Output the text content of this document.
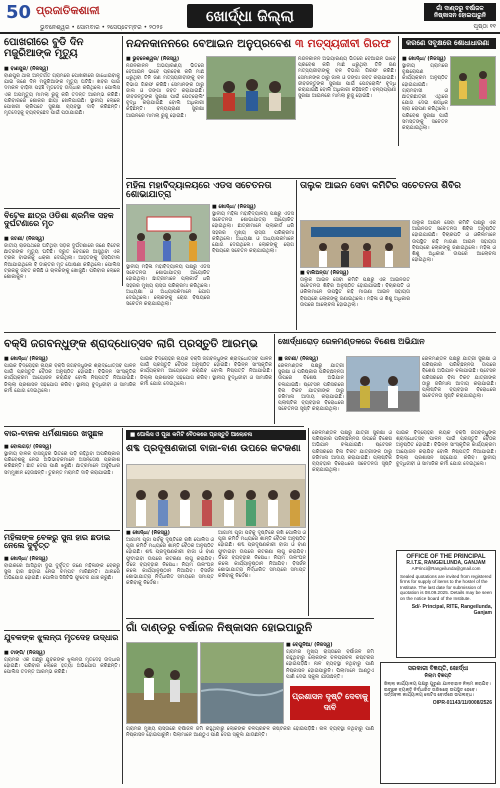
50 ପ୍ରଜାତିକଶାଳୀ
ଭୁବନେଶ୍ୱର • ସୋମବାର • ୨ସେପ୍ଟେମ୍ବର • ୨୦୨୫
ଖୋର୍ଦ୍ଧା ଜିଲ୍ଲା	ଗାଁ ଦାଣ୍ଡରୁ ବର୍ଷାଜଳ ନିଷ୍କାସନ ହୋଇପାରୁନି
ପୃଷ୍ଠା ୧୧
ପୋଖରୀରେ ବୁଡି ଦିନ ମଜୁରିଆଙ୍କ ମୃତ୍ୟୁ
■ ବାଣପୁର/ (ନିଜସ୍ୱ)
ବାଣପୁର ଥାନା ଅନ୍ତର୍ଗତ ଗ୍ରାମରେ ପୋଖରୀରେ ଗାଧୋଇବାକୁ ଯାଇ ଜଣେ ଦିନ ମଜୁରିଆଙ୍କ ମୃତ୍ୟୁ ଘଟିଛି। ଖବର ପାଇ ଦମକଳ ବାହିନୀ ପହଞ୍ଚି ମୃତଦେହ ଉଦ୍ଧାର କରିଥିଲେ। ପୋଲିସ ଏକ ଅପମୃତ୍ୟୁ ମାମଲା ରୁଜୁ କରି ତଦନ୍ତ ଆରମ୍ଭ କରିଛି। ପରିବାରରେ ଶୋକର ଛାୟା ଖେଳିଯାଇଛି। ସ୍ଥାନୀୟ ଲୋକେ ପୋଖରୀ ଚାରିପଟେ ସୁରକ୍ଷା ବ୍ୟବସ୍ଥା ଦାବି କରିଛନ୍ତି। ମୃତଦେହକୁ ବ୍ୟବଚ୍ଛେଦ ପାଇଁ ପଠାଯାଇଛି।
ନନ୍ଦନକାନନରେ ବେଆଇନ ଅନୁପ୍ରବେଶ ୩ ମତ୍ସ୍ୟଜୀବୀ ଗିରଫ
■ ଭୁବନେଶ୍ୱର/ (ନିଜସ୍ୱ)
ନନ୍ଦନକାନନ ଅଭୟାରଣ୍ୟ ଭିତରେ ବେଆଇନ ଭାବେ ପ୍ରବେଶ କରି ମାଛ ଧରୁଥିବା ତିନି ଜଣ ମତ୍ସ୍ୟଜୀବୀଙ୍କୁ ବନ ବିଭାଗ ଗିରଫ କରିଛି। ସେମାନଙ୍କ ଠାରୁ ଜାଲ ଓ ଡଙ୍ଗା ଜବତ କରାଯାଇଛି। ଜୀବଜନ୍ତୁଙ୍କ ସୁରକ୍ଷା ପାଇଁ ପେଟ୍ରୋଲିଂ ବୃଦ୍ଧି କରାଯାଇଛି ବୋଲି ଅଧିକାରୀ କହିଛନ୍ତି। ବନ୍ୟପ୍ରାଣୀ ସୁରକ୍ଷା ଆଇନରେ ମାମଲା ରୁଜୁ ହୋଇଛି।
ନନ୍ଦନକାନନ ଅଭୟାରଣ୍ୟ ଭିତରେ ବେଆଇନ ଭାବେ ପ୍ରବେଶ କରି ମାଛ ଧରୁଥିବା ତିନି ଜଣ ମତ୍ସ୍ୟଜୀବୀଙ୍କୁ ବନ ବିଭାଗ ଗିରଫ କରିଛି। ସେମାନଙ୍କ ଠାରୁ ଜାଲ ଓ ଡଙ୍ଗା ଜବତ କରାଯାଇଛି। ଜୀବଜନ୍ତୁଙ୍କ ସୁରକ୍ଷା ପାଇଁ ପେଟ୍ରୋଲିଂ ବୃଦ୍ଧି କରାଯାଇଛି ବୋଲି ଅଧିକାରୀ କହିଛନ୍ତି। ବନ୍ୟପ୍ରାଣୀ ସୁରକ୍ଷା ଆଇନରେ ମାମଲା ରୁଜୁ ହୋଇଛି।
କରଣେ ସବୃକ୍ଷରେ ଶୋଧାଧାରଣା
■ ଖୋର୍ଦ୍ଧା/ (ନିଜସ୍ୱ)
ସ୍ଥାନୀୟ ଗ୍ରାମରେ ବୃକ୍ଷରୋପଣ କାର୍ଯ୍ୟକ୍ରମ ଅନୁଷ୍ଠିତ ହୋଇଯାଇଛି। ଗ୍ରାମବାସୀ ଓ ଛାତ୍ରଛାତ୍ରୀ ଏଥିରେ ଯୋଗ ଦେଇ ଶତାଧିକ ଚାରା ରୋପଣ କରିଥିଲେ। ପରିବେଶ ସୁରକ୍ଷା ପାଇଁ ସମସ୍ତଙ୍କୁ ସଚେତନ କରାଯାଇଥିଲା।
ବିଟେକ ଛାତ୍ର ଓଡିଶା ଶ୍ରମିକ ସହକ ଦୁର୍ଘଟଣାରେ ମୃତ
■ ଜଟଣୀ/ (ନିଜସ୍ୱ)
ଜାତୀୟ ରାଜପଥରେ ଘଟିଥିବା ସଡ଼କ ଦୁର୍ଘଟଣାରେ ଜଣେ ବିଟେକ ଛାତ୍ରଙ୍କ ମୃତ୍ୟୁ ଘଟିଛି। ଦ୍ରୁତ ବେଗରେ ଆସୁଥିବା ଏକ ଟ୍ରକ ବାଇକକୁ ଧକ୍କା ଦେଇଥିଲା। ଆହତଙ୍କୁ ହସ୍ପିଟାଲ ନିଆଯାଇଥିଲେ ବି ଡାକ୍ତର ମୃତ ଘୋଷଣା କରିଥିଲେ। ପୋଲିସ ଟ୍ରକକୁ ଜବତ କରିଛି ଓ ଚାଳକଙ୍କୁ ଖୋଜୁଛି। ପରିବାର ଲୋକେ ଶୋକାକୁଳ।
ମହିଳା ମହାବିଦ୍ୟାଳୟରେ ଏଡସ ସଚେତନତା ଶୋଭାଯାତ୍ରା
■ ଖୋର୍ଦ୍ଧା/ (ନିଜସ୍ୱ)
ସ୍ଥାନୀୟ ମହିଳା ମହାବିଦ୍ୟାଳୟ ପକ୍ଷରୁ ଏଡସ ସଚେତନତା ଶୋଭାଯାତ୍ରା ଆୟୋଜିତ ହୋଇଥିଲା। ଛାତ୍ରୀମାନେ ପ୍ଲାକାର୍ଡ ଧରି ସହରର ମୁଖ୍ୟ ରାସ୍ତା ପରିକ୍ରମା କରିଥିଲେ। ଅଧ୍ୟକ୍ଷା ଓ ଅଧ୍ୟାପକମାନେ ଯୋଗ ଦେଇଥିଲେ। ଲୋକଙ୍କୁ ରୋଗ ବିଷୟରେ ସଚେତନ କରାଯାଇଥିଲା।
ସ୍ଥାନୀୟ ମହିଳା ମହାବିଦ୍ୟାଳୟ ପକ୍ଷରୁ ଏଡସ ସଚେତନତା ଶୋଭାଯାତ୍ରା ଆୟୋଜିତ ହୋଇଥିଲା। ଛାତ୍ରୀମାନେ ପ୍ଲାକାର୍ଡ ଧରି ସହରର ମୁଖ୍ୟ ରାସ୍ତା ପରିକ୍ରମା କରିଥିଲେ। ଅଧ୍ୟକ୍ଷା ଓ ଅଧ୍ୟାପକମାନେ ଯୋଗ ଦେଇଥିଲେ। ଲୋକଙ୍କୁ ରୋଗ ବିଷୟରେ ସଚେତନ କରାଯାଇଥିଲା।
ତାଲୁକ ଆଇନ ସେବା କମିଟିର ସଚେତନତା ଶିବିର
■ ବାଲିଅନ୍ତା/ (ନିଜସ୍ୱ)
ତାଲୁକ ଆଇନ ସେବା କମିଟି ପକ୍ଷରୁ ଏକ ଆଇନଗତ ସଚେତନତା ଶିବିର ଅନୁଷ୍ଠିତ ହୋଇଯାଇଛି। ବିଚାରପତି ଓ ଓକିଲମାନେ ଉପସ୍ଥିତ ରହି ମାଗଣା ଆଇନ ସହାୟତା ବିଷୟରେ ଲୋକଙ୍କୁ ଜଣାଇଥିଲେ। ମହିଳା ଓ ଶିଶୁ ଅଧିକାର ଉପରେ ଆଲୋଚନା ହୋଇଥିଲା।
ତାଲୁକ ଆଇନ ସେବା କମିଟି ପକ୍ଷରୁ ଏକ ଆଇନଗତ ସଚେତନତା ଶିବିର ଅନୁଷ୍ଠିତ ହୋଇଯାଇଛି। ବିଚାରପତି ଓ ଓକିଲମାନେ ଉପସ୍ଥିତ ରହି ମାଗଣା ଆଇନ ସହାୟତା ବିଷୟରେ ଲୋକଙ୍କୁ ଜଣାଇଥିଲେ। ମହିଳା ଓ ଶିଶୁ ଅଧିକାର ଉପରେ ଆଲୋଚନା ହୋଇଥିଲା।
ବକ୍ସି ଜଗବନ୍ଧୁଙ୍କ ଶ୍ରାଦ୍ଧୋତ୍ସବ ଲାଗି ପ୍ରସ୍ତୁତି ଆରମ୍ଭ
■ ଖୋର୍ଦ୍ଧା/ (ନିଜସ୍ୱ)
ପାଇକ ବିଦ୍ରୋହର ନାୟକ ବକ୍ସି ଜଗବନ୍ଧୁଙ୍କ ଶ୍ରାଦ୍ଧୋତ୍ସବ ପାଳନ ପାଇଁ ପ୍ରସ୍ତୁତି ବୈଠକ ଅନୁଷ୍ଠିତ ହୋଇଛି। ବିଭିନ୍ନ ସାଂସ୍କୃତିକ କାର୍ଯ୍ୟକ୍ରମ ଆୟୋଜନ କରାଯିବ ବୋଲି ନିଷ୍ପତ୍ତି ନିଆଯାଇଛି। ଜିଲ୍ଲା ପ୍ରଶାସନ ସହଯୋଗ କରିବ। ସ୍ଥାନୀୟ ବୁଦ୍ଧିଜୀବୀ ଓ ସାମାଜିକ କର୍ମୀ ଯୋଗ ଦେଇଥିଲେ।
ପାଇକ ବିଦ୍ରୋହର ନାୟକ ବକ୍ସି ଜଗବନ୍ଧୁଙ୍କ ଶ୍ରାଦ୍ଧୋତ୍ସବ ପାଳନ ପାଇଁ ପ୍ରସ୍ତୁତି ବୈଠକ ଅନୁଷ୍ଠିତ ହୋଇଛି। ବିଭିନ୍ନ ସାଂସ୍କୃତିକ କାର୍ଯ୍ୟକ୍ରମ ଆୟୋଜନ କରାଯିବ ବୋଲି ନିଷ୍ପତ୍ତି ନିଆଯାଇଛି। ଜିଲ୍ଲା ପ୍ରଶାସନ ସହଯୋଗ କରିବ। ସ୍ଥାନୀୟ ବୁଦ୍ଧିଜୀବୀ ଓ ସାମାଜିକ କର୍ମୀ ଯୋଗ ଦେଇଥିଲେ।
ଖୋର୍ଦ୍ଧାରୋଡ଼ ରେଳମଣ୍ଡଳରେ ବିଶେଷ ଅଭିଯାନ
■ ଜଟଣୀ/ (ନିଜସ୍ୱ)
ରେଳମଣ୍ଡଳ ପକ୍ଷରୁ ଯାତ୍ରୀ ସୁରକ୍ଷା ଓ ପରିଷ୍କାର ପରିଚ୍ଛନ୍ନତା ଉପରେ ବିଶେଷ ଅଭିଯାନ ଚଳାଯାଇଛି। ଷ୍ଟେସନ ପରିସରରେ ବିନା ଟିକଟ ଯାତ୍ରୀଙ୍କ ଠାରୁ ଜରିମାନା ଆଦାୟ କରାଯାଇଛି। ପ୍ଲାଷ୍ଟିକ ବ୍ୟବହାର ବିରୋଧରେ ସଚେତନତା ସୃଷ୍ଟି କରାଯାଇଥିଲା।
ରେଳମଣ୍ଡଳ ପକ୍ଷରୁ ଯାତ୍ରୀ ସୁରକ୍ଷା ଓ ପରିଷ୍କାର ପରିଚ୍ଛନ୍ନତା ଉପରେ ବିଶେଷ ଅଭିଯାନ ଚଳାଯାଇଛି। ଷ୍ଟେସନ ପରିସରରେ ବିନା ଟିକଟ ଯାତ୍ରୀଙ୍କ ଠାରୁ ଜରିମାନା ଆଦାୟ କରାଯାଇଛି। ପ୍ଲାଷ୍ଟିକ ବ୍ୟବହାର ବିରୋଧରେ ସଚେତନତା ସୃଷ୍ଟି କରାଯାଇଥିଲା।
ବାର-ବାଳକ ଧର୍ମଶାଳାରେ ଖସୁଛଳ
■ ବୋଲଗଡ଼/ (ନିଜସ୍ୱ)
ସ୍ଥାନୀୟ ବାଳକ ବାସଗୃହର ଭିତରେ ପଡ଼ି ରହିଥିବା ଅପରିଷ୍କାର ପରିବେଶକୁ ନେଇ ଅଭିଭାବକମାନେ ଅସନ୍ତୋଷ ପ୍ରକାଶ କରିଛନ୍ତି। ଛାତ ଦେଇ ପାଣି ଝରୁଛି। ଛାତ୍ରମାନେ ଅସୁବିଧାର ସମ୍ମୁଖୀନ ହେଉଛନ୍ତି। ତୁରନ୍ତ ମରାମତି ଦାବି କରାଯାଇଛି।
ମହିଳାଙ୍କ ବେକରୁ ସୁନା ହାର ଛଡାଇ ନେଲେ ଦୁର୍ବୃତ୍ତ
■ ଖୋର୍ଦ୍ଧା/ (ନିଜସ୍ୱ)
ବାଇକରେ ଆସିଥିବା ଦୁଇ ଦୁର୍ବୃତ୍ତ ଜଣେ ମହିଳାଙ୍କ ବେକରୁ ସୁନା ହାର ଛଡ଼ାଇ ନେଇ ଚମ୍ପଟ ମାରିଛନ୍ତି। ଥାନାରେ ଅଭିଯୋଗ ହୋଇଛି। ପୋଲିସ ସିସିଟିଭି ଫୁଟେଜ ଯାଞ୍ଚ କରୁଛି।
ଯୁବକଙ୍କ ଝୁଲନ୍ତା ମୃତଦେହ ଉଦ୍ଧାର
■ ଟାଙ୍ଗି/ (ନିଜସ୍ୱ)
ଗ୍ରାମର ଏକ ଗଛରୁ ଯୁବକଙ୍କ ଝୁଲନ୍ତା ମୃତଦେହ ଉଦ୍ଧାର ହୋଇଛି। ପରିବାର ଲୋକେ ହତ୍ୟା ଅଭିଯୋଗ କରିଛନ୍ତି। ପୋଲିସ ତଦନ୍ତ ଆରମ୍ଭ କରିଛି।
■ ପୋଲିସ ଓ ପୂଜା କମିଟି ବୈଠକରେ ପ୍ରସ୍ତୁତି ଆଲୋଚନା
ଶବ୍ଦ ପ୍ରଦୂଷଣକାରୀ ବାଜା-ବାଣ ଉପରେ କଟକଣା
■ ଖୋର୍ଦ୍ଧା/ (ନିଜସ୍ୱ)
ଆଗାମୀ ପୂଜା ପର୍ବକୁ ଦୃଷ୍ଟିରେ ରଖି ପୋଲିସ ଓ ପୂଜା କମିଟି ମଧ୍ୟରେ ଶାନ୍ତି ବୈଠକ ଅନୁଷ୍ଠିତ ହୋଇଛି। ଶବ୍ଦ ପ୍ରଦୂଷଣକାରୀ ବାଜା ଓ ବାଣ ଫୁଟାଇବା ଉପରେ କଟକଣା ଲାଗୁ କରାଯିବ। ଡିଜେ ବ୍ୟବହାର ନିଷେଧ। ନିୟମ ଉଲଂଘନ କଲେ କାର୍ଯ୍ୟାନୁଷ୍ଠାନ ନିଆଯିବ। ବିସର୍ଜନ ଶୋଭାଯାତ୍ରା ନିର୍ଦ୍ଧାରିତ ସମୟରେ ସମାପ୍ତ କରିବାକୁ ନିର୍ଦ୍ଦେଶ।
ଆଗାମୀ ପୂଜା ପର୍ବକୁ ଦୃଷ୍ଟିରେ ରଖି ପୋଲିସ ଓ ପୂଜା କମିଟି ମଧ୍ୟରେ ଶାନ୍ତି ବୈଠକ ଅନୁଷ୍ଠିତ ହୋଇଛି। ଶବ୍ଦ ପ୍ରଦୂଷଣକାରୀ ବାଜା ଓ ବାଣ ଫୁଟାଇବା ଉପରେ କଟକଣା ଲାଗୁ କରାଯିବ। ଡିଜେ ବ୍ୟବହାର ନିଷେଧ। ନିୟମ ଉଲଂଘନ କଲେ କାର୍ଯ୍ୟାନୁଷ୍ଠାନ ନିଆଯିବ। ବିସର୍ଜନ ଶୋଭାଯାତ୍ରା ନିର୍ଦ୍ଧାରିତ ସମୟରେ ସମାପ୍ତ କରିବାକୁ ନିର୍ଦ୍ଦେଶ।
ଗାଁ ଦାଣ୍ଡରୁ ବର୍ଷାଜଳ ନିଷ୍କାସନ ହୋଇପାରୁନି
■ ବେଗୁନିଆ/ (ନିଜସ୍ୱ)
ଗ୍ରାମର ମୁଖ୍ୟ ରାସ୍ତାରେ ବର୍ଷାଜଳ ଜମି ରହୁଥିବାରୁ ଲୋକଙ୍କ ଚଳପ୍ରଚଳ କଷ୍ଟକର ହୋଇପଡ଼ିଛି। ନାଳ ବ୍ୟବସ୍ଥା ନଥିବାରୁ ପାଣି ନିଷ୍କାସନ ହୋଇପାରୁନି। ପିଲାମାନେ ଆଣ୍ଠୁଏ ପାଣି ଦେଇ ସ୍କୁଲ ଯାଉଛନ୍ତି।
ପ୍ରଶାସନ ଦୃଷ୍ଟି ଦେବାକୁ ଦାବି
ଗ୍ରାମର ମୁଖ୍ୟ ରାସ୍ତାରେ ବର୍ଷାଜଳ ଜମି ରହୁଥିବାରୁ ଲୋକଙ୍କ ଚଳପ୍ରଚଳ କଷ୍ଟକର ହୋଇପଡ଼ିଛି। ନାଳ ବ୍ୟବସ୍ଥା ନଥିବାରୁ ପାଣି ନିଷ୍କାସନ ହୋଇପାରୁନି। ପିଲାମାନେ ଆଣ୍ଠୁଏ ପାଣି ଦେଇ ସ୍କୁଲ ଯାଉଛନ୍ତି।
ରେଳମଣ୍ଡଳ ପକ୍ଷରୁ ଯାତ୍ରୀ ସୁରକ୍ଷା ଓ ପରିଷ୍କାର ପରିଚ୍ଛନ୍ନତା ଉପରେ ବିଶେଷ ଅଭିଯାନ ଚଳାଯାଇଛି। ଷ୍ଟେସନ ପରିସରରେ ବିନା ଟିକଟ ଯାତ୍ରୀଙ୍କ ଠାରୁ ଜରିମାନା ଆଦାୟ କରାଯାଇଛି। ପ୍ଲାଷ୍ଟିକ ବ୍ୟବହାର ବିରୋଧରେ ସଚେତନତା ସୃଷ୍ଟି କରାଯାଇଥିଲା।
ପାଇକ ବିଦ୍ରୋହର ନାୟକ ବକ୍ସି ଜଗବନ୍ଧୁଙ୍କ ଶ୍ରାଦ୍ଧୋତ୍ସବ ପାଳନ ପାଇଁ ପ୍ରସ୍ତୁତି ବୈଠକ ଅନୁଷ୍ଠିତ ହୋଇଛି। ବିଭିନ୍ନ ସାଂସ୍କୃତିକ କାର୍ଯ୍ୟକ୍ରମ ଆୟୋଜନ କରାଯିବ ବୋଲି ନିଷ୍ପତ୍ତି ନିଆଯାଇଛି। ଜିଲ୍ଲା ପ୍ରଶାସନ ସହଯୋଗ କରିବ। ସ୍ଥାନୀୟ ବୁଦ୍ଧିଜୀବୀ ଓ ସାମାଜିକ କର୍ମୀ ଯୋଗ ଦେଇଥିଲେ।
OFFICE OF THE PRINCIPAL
R.I.T.E, RANGEILUNDA, GANJAM
AIPrinci@Rangeilunda@gmail.com
Sealed quotations are invited from registered firms for supply of items to the hostel of the Institute. The last date for submission of quotation is 08.09.2025. Details may be seen on the notice board of the Institute.
Sd/- Principal, RITE, Rangeilunda, Ganjam
ସରକାରୀ ବିଜ୍ଞପ୍ତି, ଖୋର୍ଦ୍ଧା
ନିଲାମ ବିଜ୍ଞପ୍ତି
ଜିଲ୍ଲା କାର୍ଯ୍ୟାଳୟ ପକ୍ଷରୁ ପୁରୁଣା ଯାନବାହାନ ନିଲାମ କରାଯିବ। ଇଚ୍ଛୁକ ବ୍ୟକ୍ତି ନିର୍ଦ୍ଧାରିତ ତାରିଖରେ ଉପସ୍ଥିତ ହେବେ। ସର୍ତ୍ତାବଳୀ କାର୍ଯ୍ୟାଳୟ ନୋଟିସ ବୋର୍ଡରେ ଉପଲବ୍ଧ।
OIPR-01143/11/0008/2526
